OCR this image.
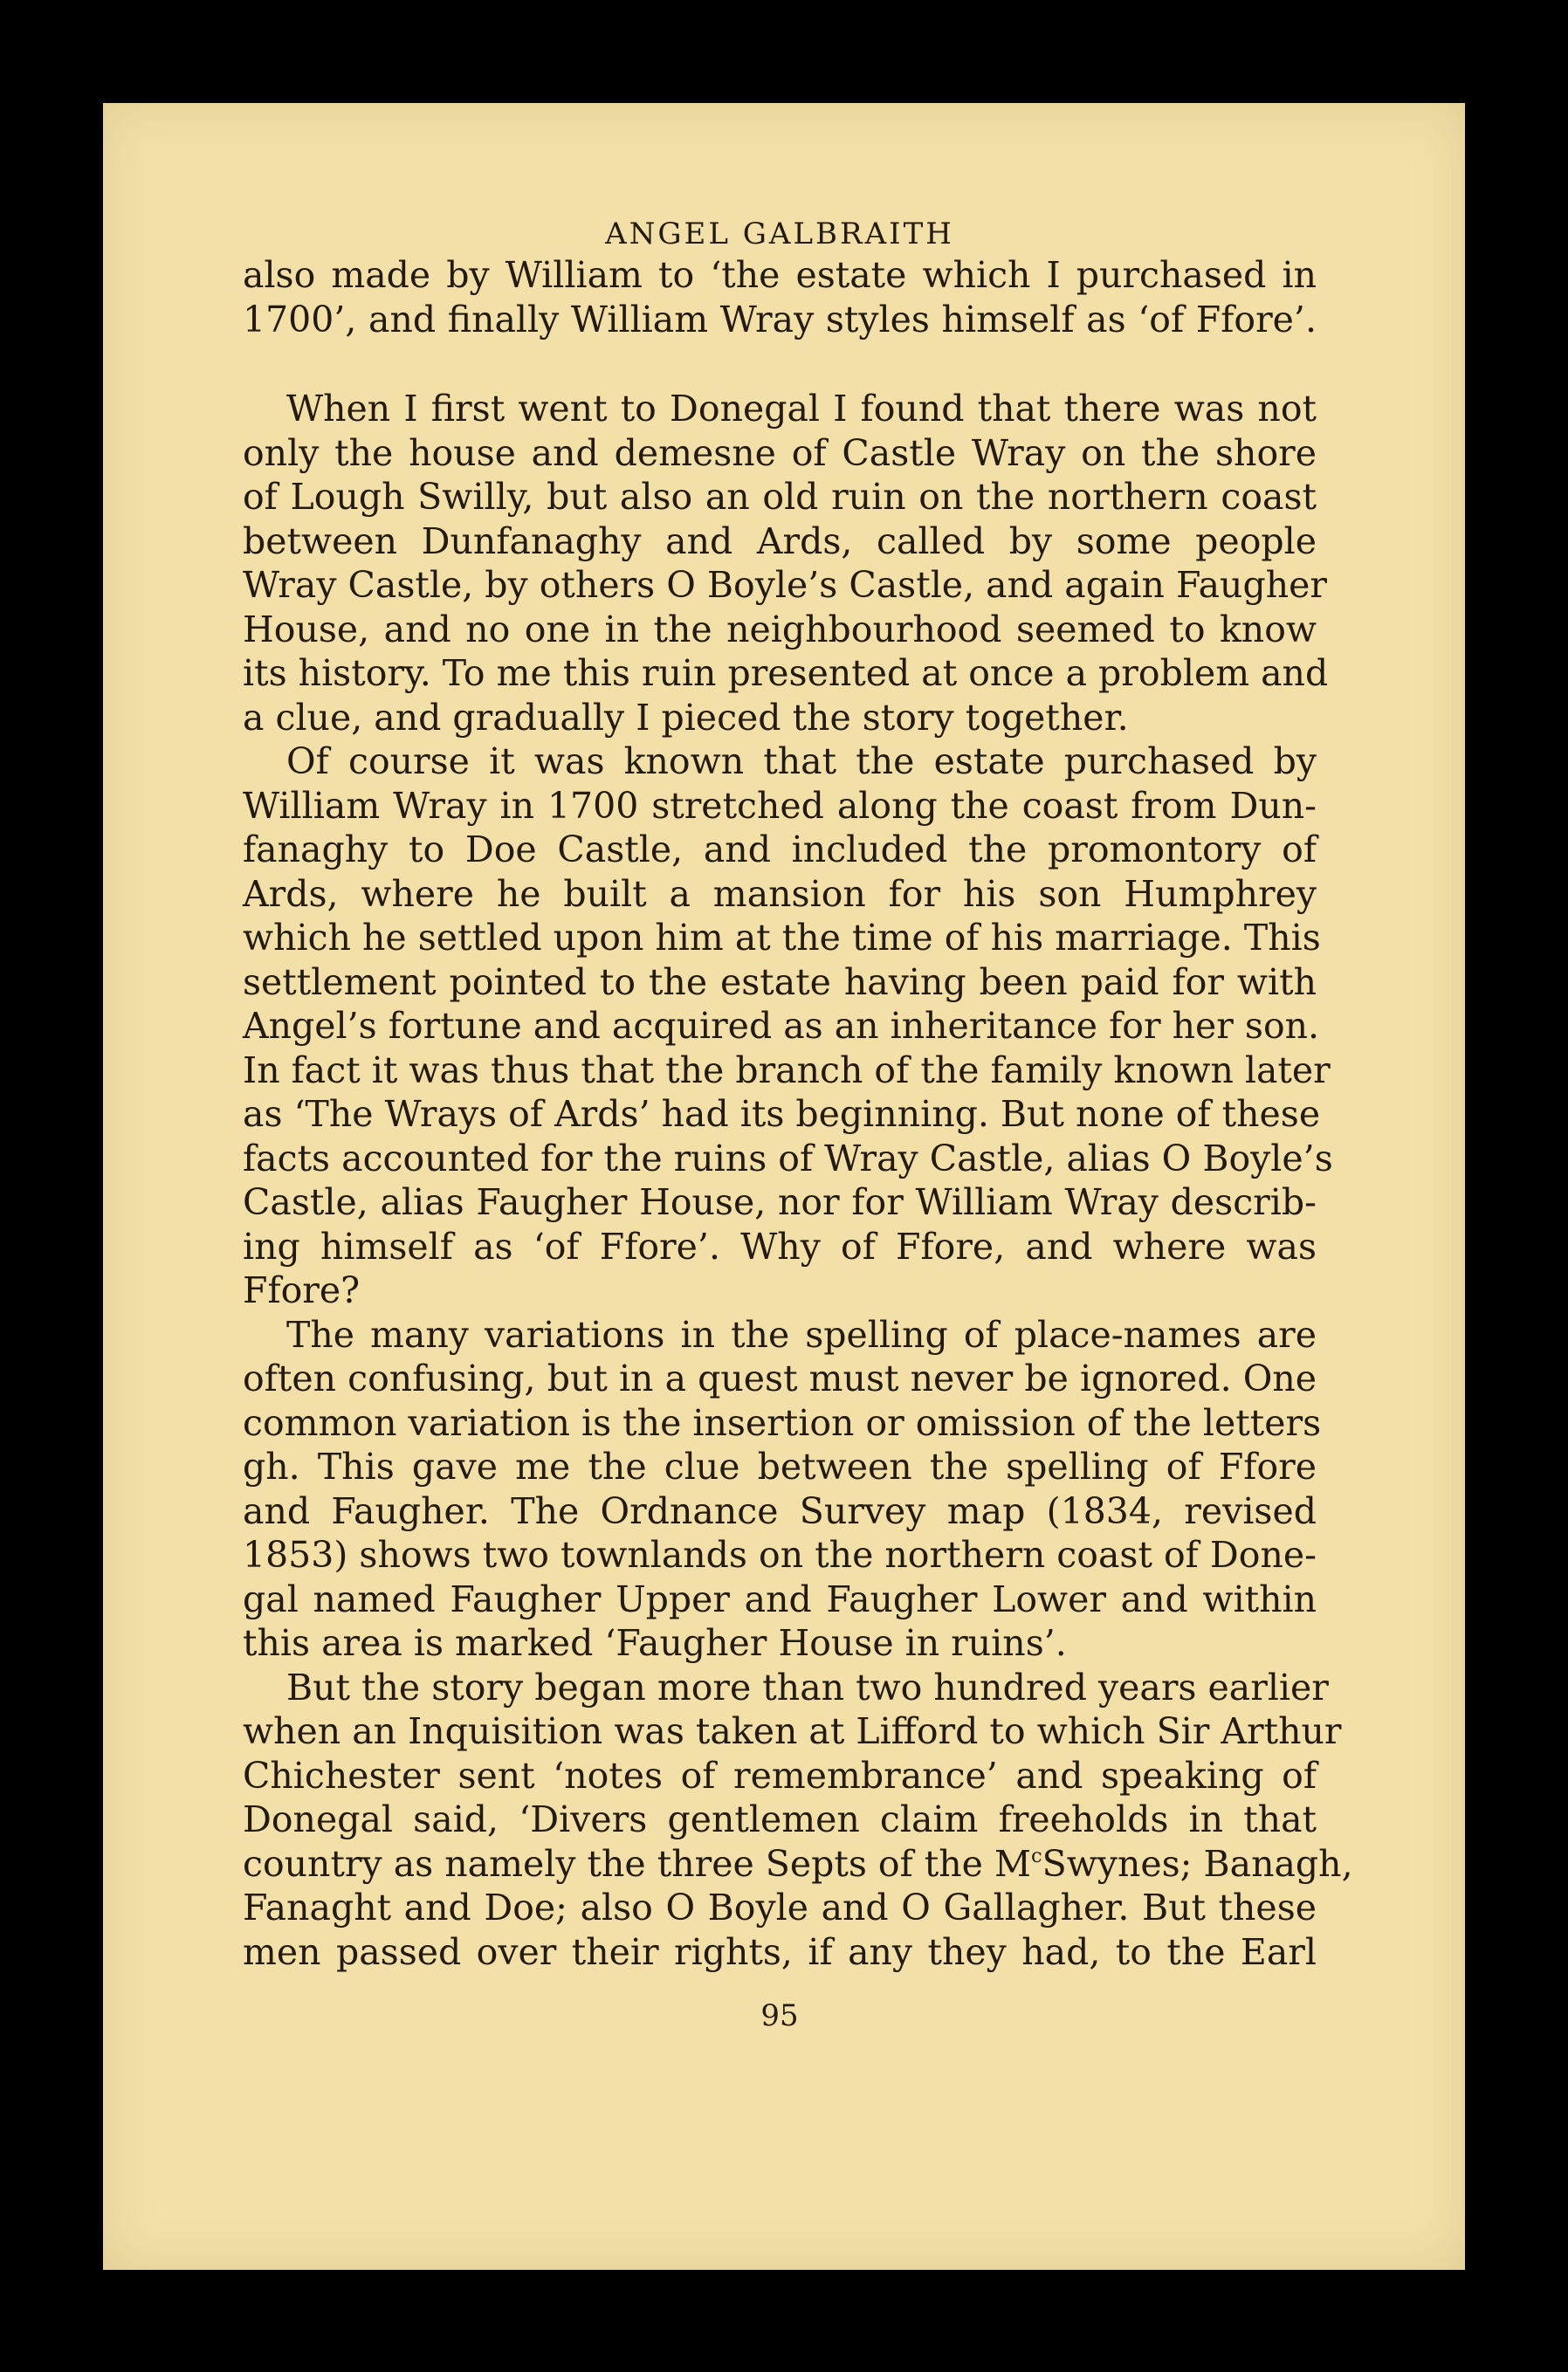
ANGEL GALBRAITH
also made by William to ‘the estate which I purchased in
1700’, and finally William Wray styles himself as ‘of Ffore’.
When I first went to Donegal I found that there was not
only the house and demesne of Castle Wray on the shore
of Lough Swilly, but also an old ruin on the northern coast
between Dunfanaghy and Ards, called by some people
Wray Castle, by others O Boyle’s Castle, and again Faugher
House, and no one in the neighbourhood seemed to know
its history. To me this ruin presented at once a problem and
a clue, and gradually I pieced the story together.
Of course it was known that the estate purchased by
William Wray in 1700 stretched along the coast from Dun-
fanaghy to Doe Castle, and included the promontory of
Ards, where he built a mansion for his son Humphrey
which he settled upon him at the time of his marriage. This
settlement pointed to the estate having been paid for with
Angel’s fortune and acquired as an inheritance for her son.
In fact it was thus that the branch of the family known later
as ‘The Wrays of Ards’ had its beginning. But none of these
facts accounted for the ruins of Wray Castle, alias O Boyle’s
Castle, alias Faugher House, nor for William Wray describ-
ing himself as ‘of Ffore’. Why of Ffore, and where was
Ffore?
The many variations in the spelling of place-names are
often confusing, but in a quest must never be ignored. One
common variation is the insertion or omission of the letters
gh. This gave me the clue between the spelling of Ffore
and Faugher. The Ordnance Survey map (1834, revised
1853) shows two townlands on the northern coast of Done-
gal named Faugher Upper and Faugher Lower and within
this area is marked ‘Faugher House in ruins’.
But the story began more than two hundred years earlier
when an Inquisition was taken at Lifford to which Sir Arthur
Chichester sent ‘notes of remembrance’ and speaking of
Donegal said, ‘Divers gentlemen claim freeholds in that
country as namely the three Septs of the $M^cSwynes$; Banagh,
Fanaght and Doe; also O Boyle and O Gallagher. But these
men passed over their rights, if any they had, to the Earl
95
